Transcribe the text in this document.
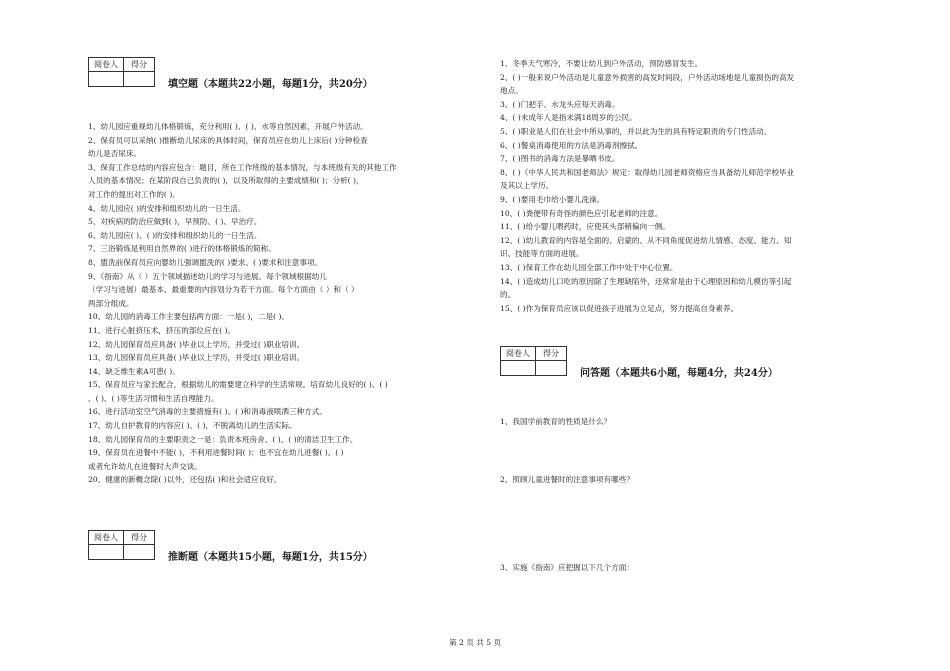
阅卷人	得分

填空题（本题共22小题，每题1分，共20分）

1、幼儿园应重视幼儿体格锻炼，充分利用( )、( )、水等自然因素，开展户外活动。

2、保育员可以采纳( )推断幼儿尿床的具体时间，保育员应在幼儿上床后( )分钟检查

幼儿是否尿床。

3、保育工作总结的内容应包含：题目，所在工作班级的基本情况，与本班级有关的其他工作

人员的基本情况；在某阶段自己负责的( )，以及所取得的主要成绩和( )；分析( )，

对工作的提出对工作的( )。

4、幼儿园应( )的安排和组织幼儿的一日生活。

5、对疾病的防治应做到( )，早预防、( )、早治疗。

6、幼儿园应( )、( )的安排和组织幼儿的一日生活。

7、三浴锻炼是利用自然界的( )进行的体格锻炼的简称。

8、盥洗前保育员应向婴幼儿强调盥洗的( )要求、( )要求和注意事项。

9、《指南》从（ ）五个领域描述幼儿的学习与进展。每个领域根据幼儿

（学习与进展）最基本、最重要的内容划分为若干方面。每个方面由（ ）和（ ）

两部分组成。

10、幼儿园的消毒工作主要包括两方面：一是( )，二是( )。

11、进行心脏挤压术，挤压的部位应在( )。

12、幼儿园保育员应具备( )毕业以上学历，并受过( )职业培训。

13、幼儿园保育员应具备( )毕业以上学历，并受过( )职业培训。

14、缺乏维生素A可患( )。

15、保育员应与家长配合，根据幼儿的需要建立科学的生活常规。培育幼儿良好的( )、( )

、( )、( )等生活习惯和生活自理能力。

16、进行活动室空气消毒的主要措施有( )、( )和消毒液喷洒三种方式。

17、幼儿自护教育的内容应( )、( )，不脱离幼儿的生活实际。

18、幼儿园保育员的主要职责之一是：负责本班房舍、( )、( )的清洁卫生工作。

19、保育员在进餐中不能( )，不利用进餐时间( )；也不宜在幼儿进餐( )、( )

或者允许幼儿在进餐时大声交谈。

20、健康的新概念除( )以外，还包括( )和社会适应良好。

阅卷人	得分

推断题（本题共15小题，每题1分，共15分）

1、冬季天气寒冷，不要让幼儿到户外活动，预防感冒发生。

2、( )一般来说户外活动是儿童意外损害的高发时间段，户外活动场地是儿童损伤的高发

地点。

3、( )门把手、水龙头应每天消毒。

4、( )未成年人是指未满18周岁的公民。

5、( )职业是人们在社会中所从事的，并以此为生的具有特定职责的专门性活动。

6、( )餐桌消毒使用的方法是消毒剂擦拭。

7、( )图书的消毒方法是暴晒书皮。

8、( )《中华人民共和国老师法》规定：取得幼儿园老师资格应当具备幼儿师范学校毕业

及其以上学历。

9、( )要用毛巾给小婴儿洗澡。

10、( )粪便带有奇怪的颜色应引起老师的注意。

11、( )给小婴儿喂药时，应使其头部稍偏向一侧。

12、( )幼儿教育的内容是全面的、启蒙的、从不同角度促进幼儿情感、态度、能力、知

识、技能等方面的进展。

13、( )保育工作在幼儿园全部工作中处于中心位置。

14、( )造成幼儿口吃的原因除了生理缺陷外，还常常是由于心理原因和幼儿模仿等引起

的。

15、( )作为保育员应该以促进孩子进展为立足点，努力提高自身素养。

阅卷人	得分

问答题（本题共6小题，每题4分，共24分）

1、我国学前教育的性质是什么？

2、照顾儿童进餐时的注意事项有哪些？

3、实施《指南》应把握以下几个方面：

第 2 页 共 5 页
